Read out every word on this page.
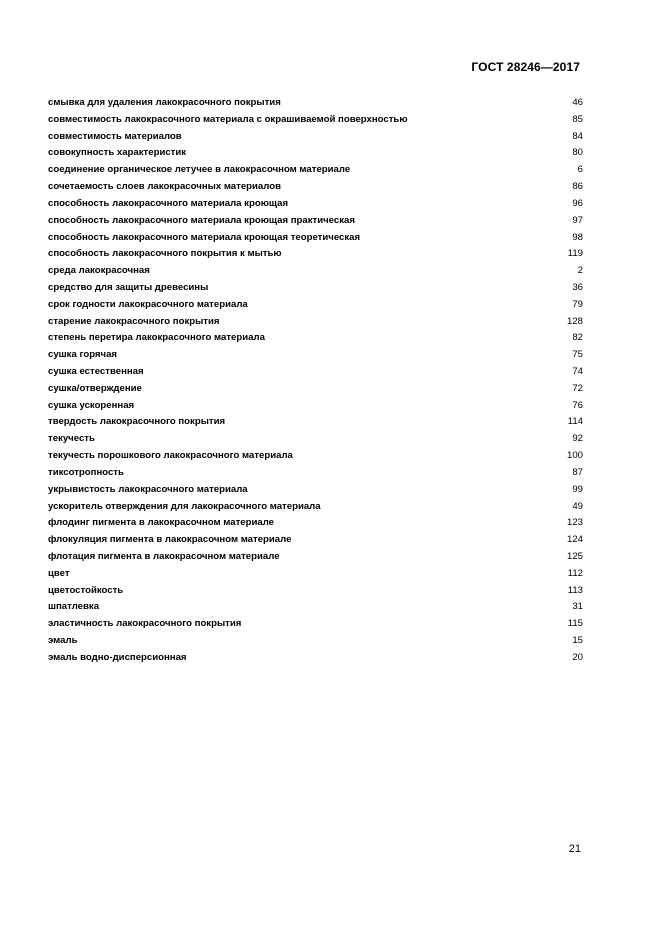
ГОСТ 28246—2017
смывка для удаления лакокрасочного покрытия	46
совместимость лакокрасочного материала с окрашиваемой поверхностью	85
совместимость материалов	84
совокупность характеристик	80
соединение органическое летучее в лакокрасочном материале	6
сочетаемость слоев лакокрасочных материалов	86
способность лакокрасочного материала кроющая	96
способность лакокрасочного материала кроющая практическая	97
способность лакокрасочного материала кроющая теоретическая	98
способность лакокрасочного покрытия к мытью	119
среда лакокрасочная	2
средство для защиты древесины	36
срок годности лакокрасочного материала	79
старение лакокрасочного покрытия	128
степень перетира лакокрасочного материала	82
сушка горячая	75
сушка естественная	74
сушка/отверждение	72
сушка ускоренная	76
твердость лакокрасочного покрытия	114
текучесть	92
текучесть порошкового лакокрасочного материала	100
тиксотропность	87
укрывистость лакокрасочного материала	99
ускоритель отверждения для лакокрасочного материала	49
флодинг пигмента в лакокрасочном материале	123
флокуляция пигмента в лакокрасочном материале	124
флотация пигмента в лакокрасочном материале	125
цвет	112
цветостойкость	113
шпатлевка	31
эластичность лакокрасочного покрытия	115
эмаль	15
эмаль водно-дисперсионная	20
21
